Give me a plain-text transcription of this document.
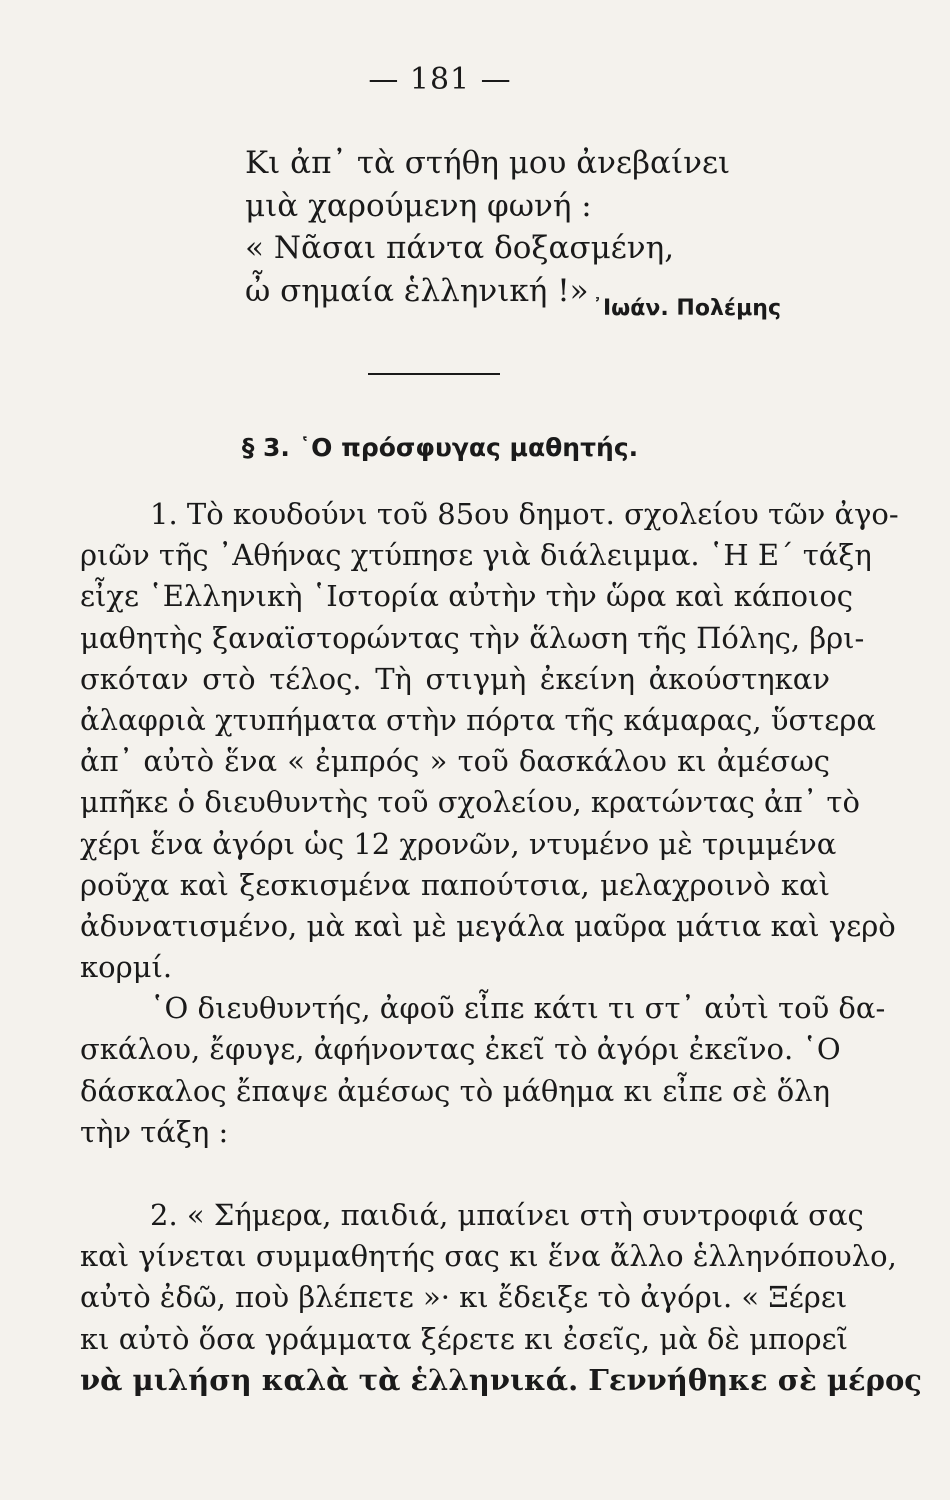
— 181 —
Κι ἀπ᾽ τὰ στήθη μου ἀνεβαίνει
μιὰ χαρούμενη φωνή :
« Νᾶσαι πάντα δοξασμένη,
ὦ σημαία ἑλληνική !» ᾽Ιωάν. Πολέμης
§ 3. ῾Ο πρόσφυγας μαθητής.
1. Τὸ κουδούνι τοῦ 85ου δημοτ. σχολείου τῶν ἀγο-
ριῶν τῆς ᾽Αθήνας χτύπησε γιὰ διάλειμμα. ῾Η Ε΄ τάξη
εἶχε ῾Ελληνικὴ ῾Ιστορία αὐτὴν τὴν ὥρα καὶ κάποιος
μαθητὴς ξαναϊστορώντας τὴν ἅλωση τῆς Πόλης, βρι-
σκόταν στὸ τέλος. Τὴ στιγμὴ ἐκείνη ἀκούστηκαν
ἀλαφριὰ χτυπήματα στὴν πόρτα τῆς κάμαρας, ὕστερα
ἀπ᾽ αὐτὸ ἕνα « ἐμπρός » τοῦ δασκάλου κι ἀμέσως
μπῆκε ὁ διευθυντὴς τοῦ σχολείου, κρατώντας ἀπ᾽ τὸ
χέρι ἕνα ἀγόρι ὡς 12 χρονῶν, ντυμένο μὲ τριμμένα
ροῦχα καὶ ξεσκισμένα παπούτσια, μελαχροινὸ καὶ
ἀδυνατισμένο, μὰ καὶ μὲ μεγάλα μαῦρα μάτια καὶ γερὸ
κορμί.
῾Ο διευθυντής, ἀφοῦ εἶπε κάτι τι στ᾽ αὐτὶ τοῦ δα-
σκάλου, ἔφυγε, ἀφήνοντας ἐκεῖ τὸ ἀγόρι ἐκεῖνο. ῾Ο
δάσκαλος ἔπαψε ἀμέσως τὸ μάθημα κι εἶπε σὲ ὅλη
τὴν τάξη :
2. « Σήμερα, παιδιά, μπαίνει στὴ συντροφιά σας
καὶ γίνεται συμμαθητής σας κι ἕνα ἄλλο ἑλληνόπουλο,
αὐτὸ ἐδῶ, ποὺ βλέπετε »· κι ἔδειξε τὸ ἀγόρι. « Ξέρει
κι αὐτὸ ὅσα γράμματα ξέρετε κι ἐσεῖς, μὰ δὲ μπορεῖ
νὰ μιλήση καλὰ τὰ ἑλληνικά. Γεννήθηκε σὲ μέρος
